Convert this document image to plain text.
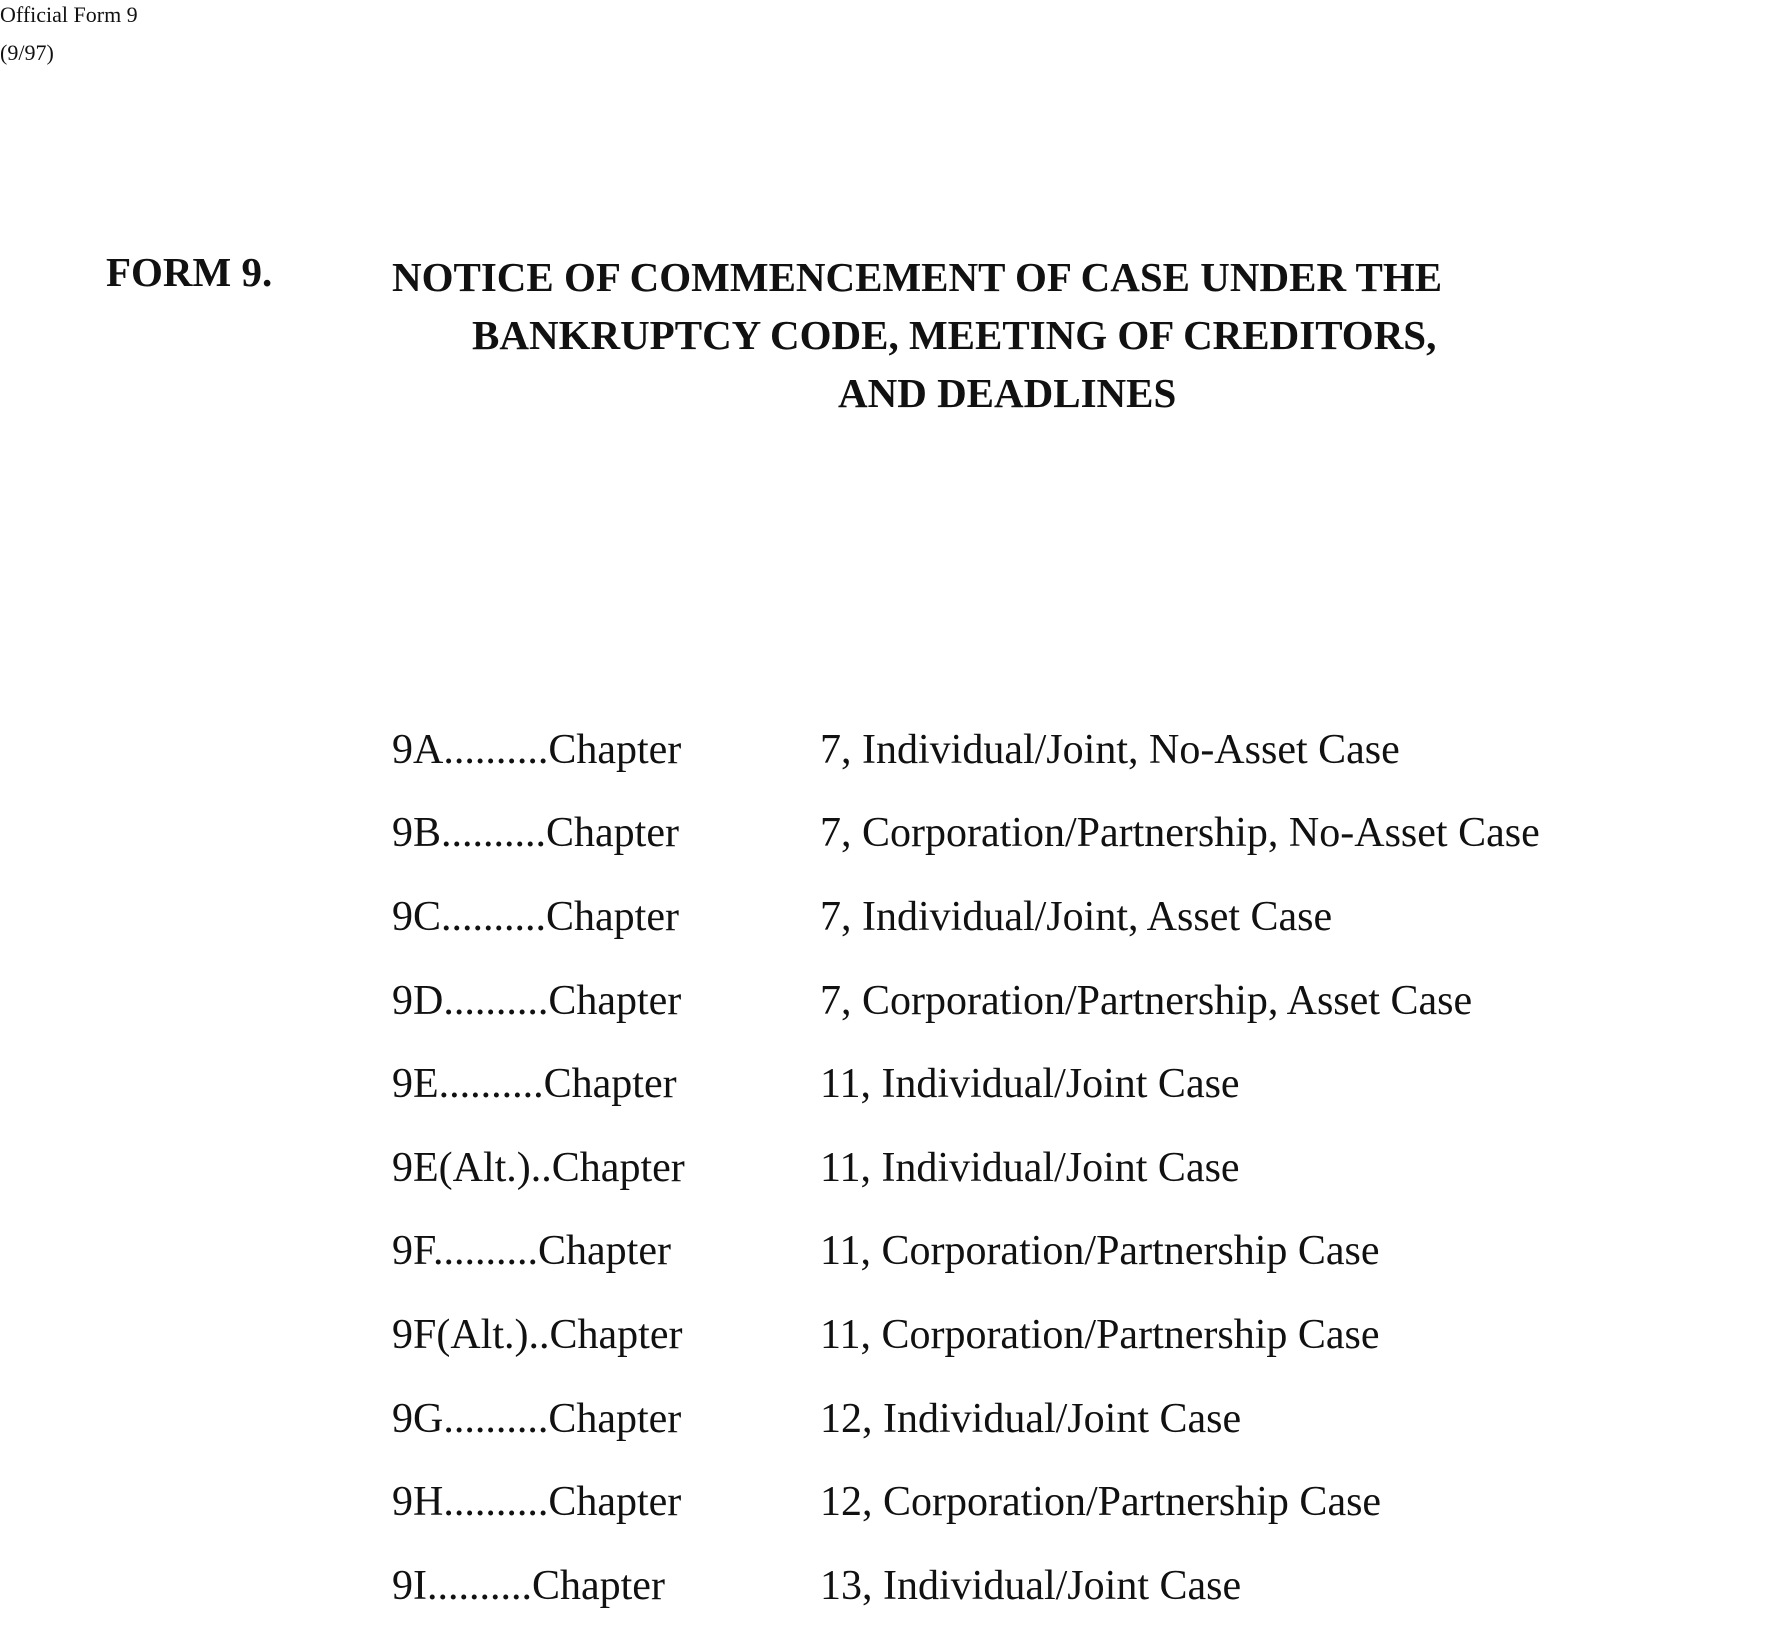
Official Form 9
(9/97)
FORM 9.	NOTICE OF COMMENCEMENT OF CASE UNDER THE
BANKRUPTCY CODE, MEETING OF CREDITORS,
AND DEADLINES
9A..........Chapter	7, Individual/Joint, No-Asset Case
9B..........Chapter	7, Corporation/Partnership, No-Asset Case
9C..........Chapter	7, Individual/Joint, Asset Case
9D..........Chapter	7, Corporation/Partnership, Asset Case
9E..........Chapter	11, Individual/Joint Case
9E(Alt.)..Chapter	11, Individual/Joint Case
9F..........Chapter	11, Corporation/Partnership Case
9F(Alt.)..Chapter	11, Corporation/Partnership Case
9G..........Chapter	12, Individual/Joint Case
9H..........Chapter	12, Corporation/Partnership Case
9I..........Chapter	13, Individual/Joint Case
